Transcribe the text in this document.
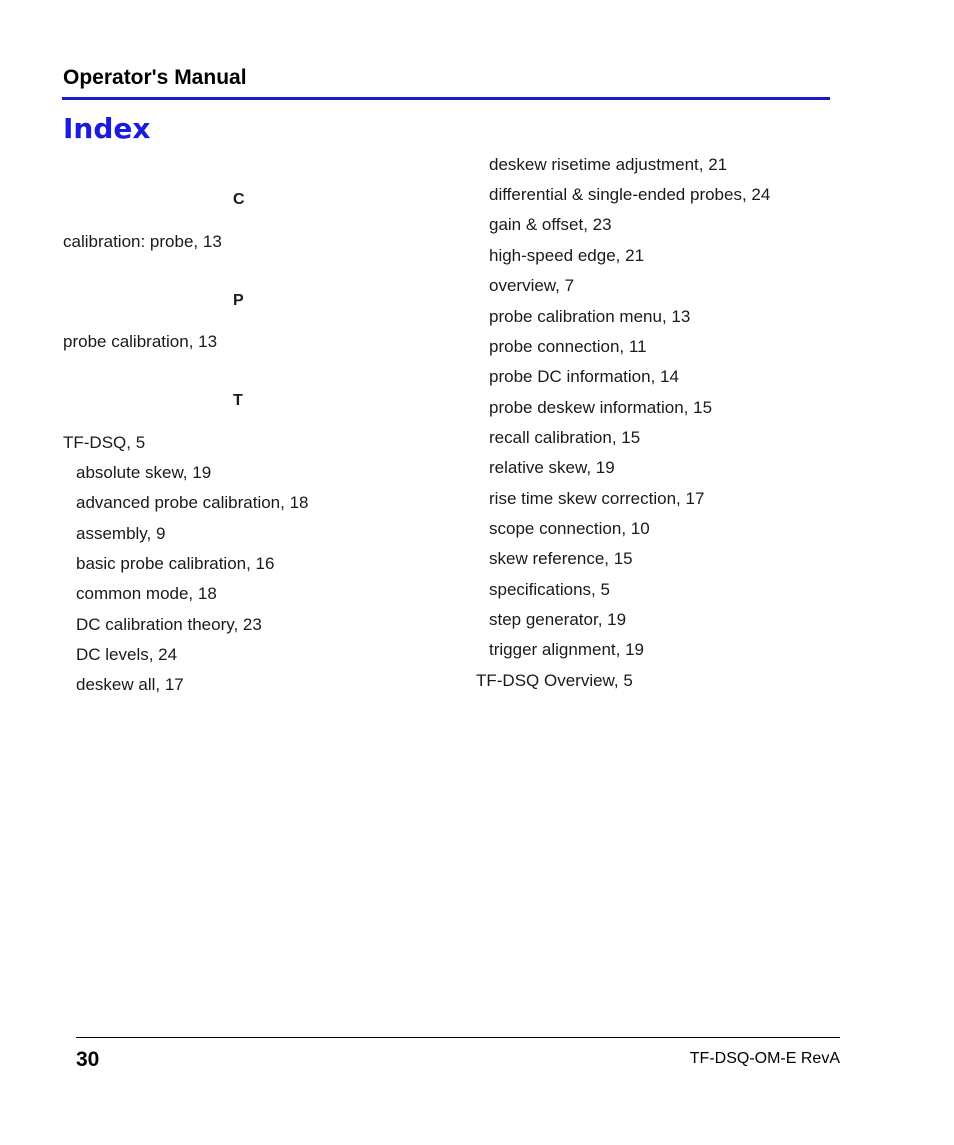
Operator's Manual
Index
C
calibration: probe, 13
P
probe calibration, 13
T
TF-DSQ, 5
absolute skew, 19
advanced probe calibration, 18
assembly, 9
basic probe calibration, 16
common mode, 18
DC calibration theory, 23
DC levels, 24
deskew all, 17
deskew risetime adjustment, 21
differential & single-ended probes, 24
gain & offset, 23
high-speed edge, 21
overview, 7
probe calibration menu, 13
probe connection, 11
probe DC information, 14
probe deskew information, 15
recall calibration, 15
relative skew, 19
rise time skew correction, 17
scope connection, 10
skew reference, 15
specifications, 5
step generator, 19
trigger alignment, 19
TF-DSQ Overview, 5
30	TF-DSQ-OM-E RevA
